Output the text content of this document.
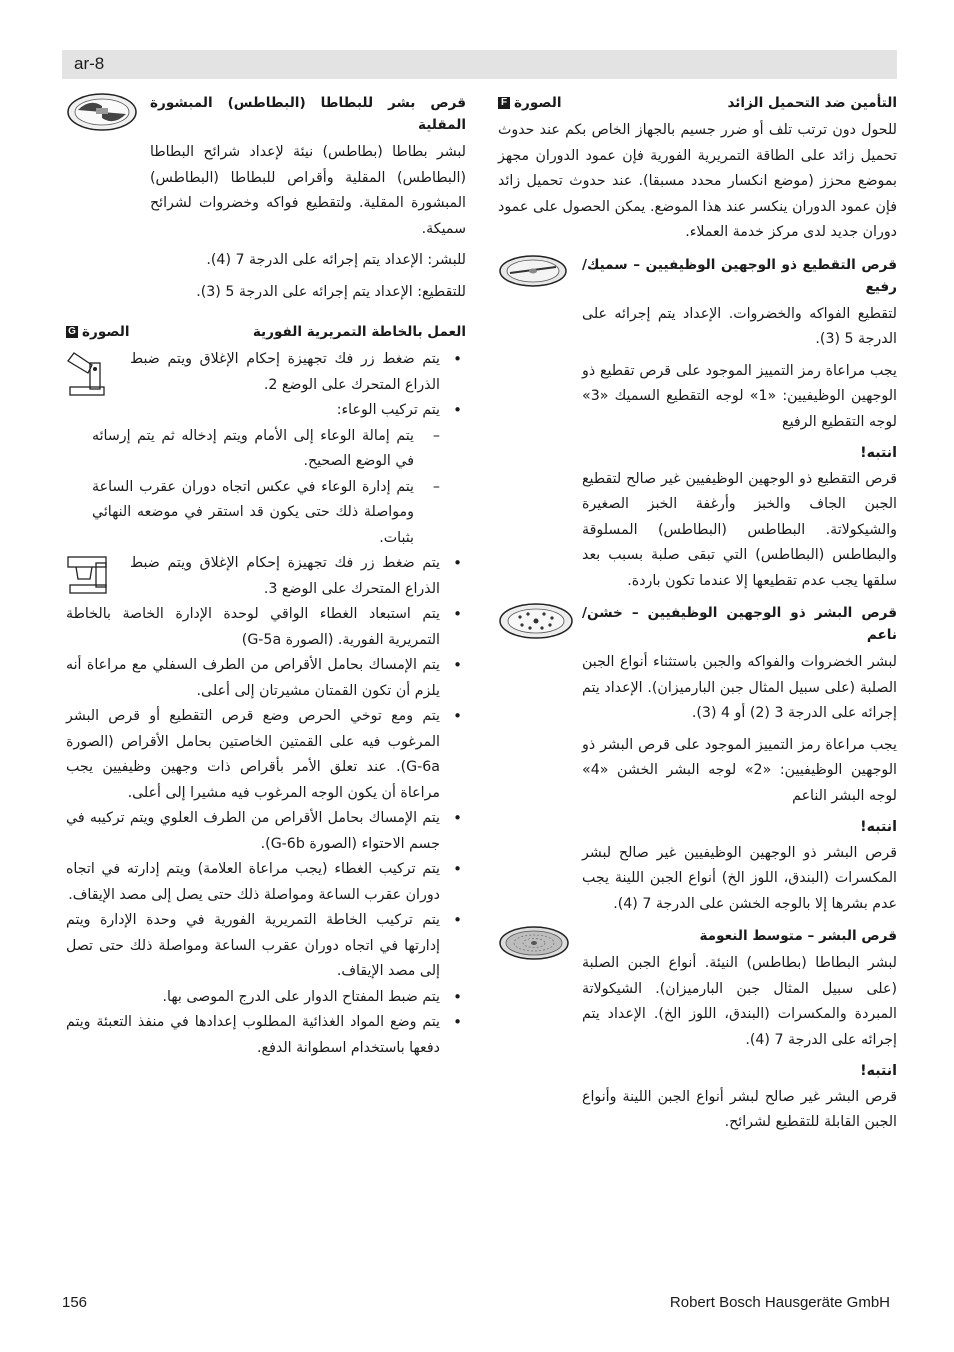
ar-8
التأمين ضد التحميل الزائد
الصورة
F

للحول دون ترتب تلف أو ضرر جسيم بالجهاز الخاص بكم عند حدوث تحميل زائد على الطاقة التمريرية الفورية فإن عمود الدوران مجهز بموضع محزز (موضع انكسار محدد مسبقا). عند حدوث تحميل زائد فإن عمود الدوران ينكسر عند هذا الموضع. يمكن الحصول على عمود دوران جديد لدى مركز خدمة العملاء.

قرص التقطيع ذو الوجهين الوظيفيين – سميك/رفيع

لتقطيع الفواكه والخضروات. الإعداد يتم إجرائه على الدرجة 5 (3).

يجب مراعاة رمز التمييز الموجود على قرص تقطيع ذو الوجهين الوظيفيين: «1» لوجه التقطيع السميك «3» لوجه التقطيع الرفيع

انتبه!

قرص التقطيع ذو الوجهين الوظيفيين غير صالح لتقطيع الجبن الجاف والخبز وأرغفة الخبز الصغيرة والشيكولاتة. البطاطس (البطاطس) المسلوقة والبطاطس (البطاطس) التي تبقى صلبة بسبب بعد سلقها يجب عدم تقطيعها إلا عندما تكون باردة.

قرص البشر ذو الوجهين الوظيفيين – خشن/ناعم

لبشر الخضروات والفواكه والجبن باستثناء أنواع الجبن الصلبة (على سبيل المثال جبن البارميزان). الإعداد يتم إجرائه على الدرجة 3 (2) أو 4 (3).

يجب مراعاة رمز التمييز الموجود على قرص البشر ذو الوجهين الوظيفيين: «2» لوجه البشر الخشن «4» لوجه البشر الناعم

انتبه!

قرص البشر ذو الوجهين الوظيفيين غير صالح لبشر المكسرات (البندق، اللوز الخ) أنواع الجبن اللينة يجب عدم بشرها إلا بالوجه الخشن على الدرجة 7 (4).

قرص البشر – متوسط النعومة

لبشر البطاطا (بطاطس) النيئة. أنواع الجبن الصلبة (على سبيل المثال جبن البارميزان). الشيكولاتة المبردة والمكسرات (البندق، اللوز الخ). الإعداد يتم إجرائه على الدرجة 7 (4).

انتبه!

قرص البشر غير صالح لبشر أنواع الجبن اللينة وأنواع الجبن القابلة للتقطيع لشرائح.

قرص بشر للبطاطا (البطاطس) المبشورة المقلية

لبشر بطاطا (بطاطس) نيئة لإعداد شرائح البطاطا (البطاطس) المقلية وأقراص للبطاطا (البطاطس) المبشورة المقلية. ولتقطيع فواكه وخضروات لشرائح سميكة.

للبشر: الإعداد يتم إجرائه على الدرجة 7 (4).

للتقطيع: الإعداد يتم إجرائه على الدرجة 5 (3).

العمل بالخاطة التمريرية الفورية
الصورة
G
• يتم ضغط زر فك تجهيزة إحكام الإغلاق ويتم ضبط الذراع المتحرك على الوضع 2.
• يتم تركيب الوعاء:
– يتم إمالة الوعاء إلى الأمام ويتم إدخاله ثم يتم إرسائه في الوضع الصحيح.
– يتم إدارة الوعاء في عكس اتجاه دوران عقرب الساعة ومواصلة ذلك حتى يكون قد استقر في موضعه النهائي بثبات.
• يتم ضغط زر فك تجهيزة إحكام الإغلاق ويتم ضبط الذراع المتحرك على الوضع 3.
• يتم استبعاد الغطاء الواقي لوحدة الإدارة الخاصة بالخاطة التمريرية الفورية. (الصورة G-5a)
• يتم الإمساك بحامل الأقراص من الطرف السفلي مع مراعاة أنه يلزم أن تكون القمتان مشيرتان إلى أعلى.
• يتم ومع توخي الحرص وضع قرص التقطيع أو قرص البشر المرغوب فيه على القمتين الخاصتين بحامل الأقراص (الصورة G-6a). عند تعلق الأمر بأقراص ذات وجهين وظيفيين يجب مراعاة أن يكون الوجه المرغوب فيه مشيرا إلى أعلى.
• يتم الإمساك بحامل الأقراص من الطرف العلوي ويتم تركيبه في جسم الاحتواء (الصورة G-6b).
• يتم تركيب الغطاء (يجب مراعاة العلامة) ويتم إدارته في اتجاه دوران عقرب الساعة ومواصلة ذلك حتى يصل إلى مصد الإيقاف.
• يتم تركيب الخاطة التمريرية الفورية في وحدة الإدارة ويتم إدارتها في اتجاه دوران عقرب الساعة ومواصلة ذلك حتى تصل إلى مصد الإيقاف.
• يتم ضبط المفتاح الدوار على الدرج الموصى بها.
• يتم وضع المواد الغذائية المطلوب إعدادها في منفذ التعبئة ويتم دفعها باستخدام اسطوانة الدفع.
156	Robert Bosch Hausgeräte GmbH
